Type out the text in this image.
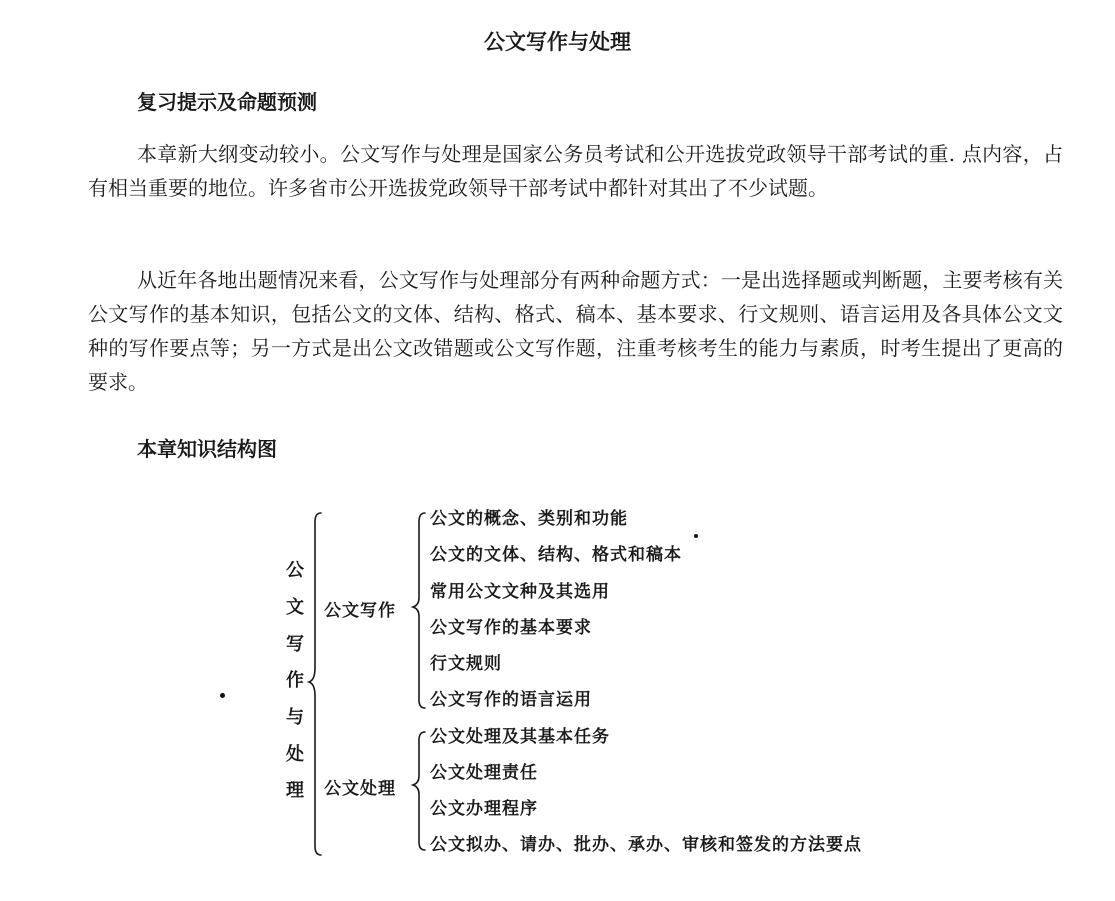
公文写作与处理
复习提示及命题预测

本章新大纲变动较小。公文写作与处理是国家公务员考试和公开选拔党政领导干部考试的重. 点内容，占有相当重要的地位。许多省市公开选拔党政领导干部考试中都针对其出了不少试题。

从近年各地出题情况来看，公文写作与处理部分有两种命题方式：一是出选择题或判断题，主要考核有关公文写作的基本知识，包括公文的文体、结构、格式、稿本、基本要求、行文规则、语言运用及各具体公文文种的写作要点等；另一方式是出公文改错题或公文写作题，注重考核考生的能力与素质，时考生提出了更高的要求。

本章知识结构图
公
文
写
作
与
处
理
公文写作
公文处理
公文的概念、类别和功能
公文的文体、结构、格式和稿本
常用公文文种及其选用
公文写作的基本要求
行文规则
公文写作的语言运用
公文处理及其基本任务
公文处理责任
公文办理程序
公文拟办、请办、批办、承办、审核和签发的方法要点
